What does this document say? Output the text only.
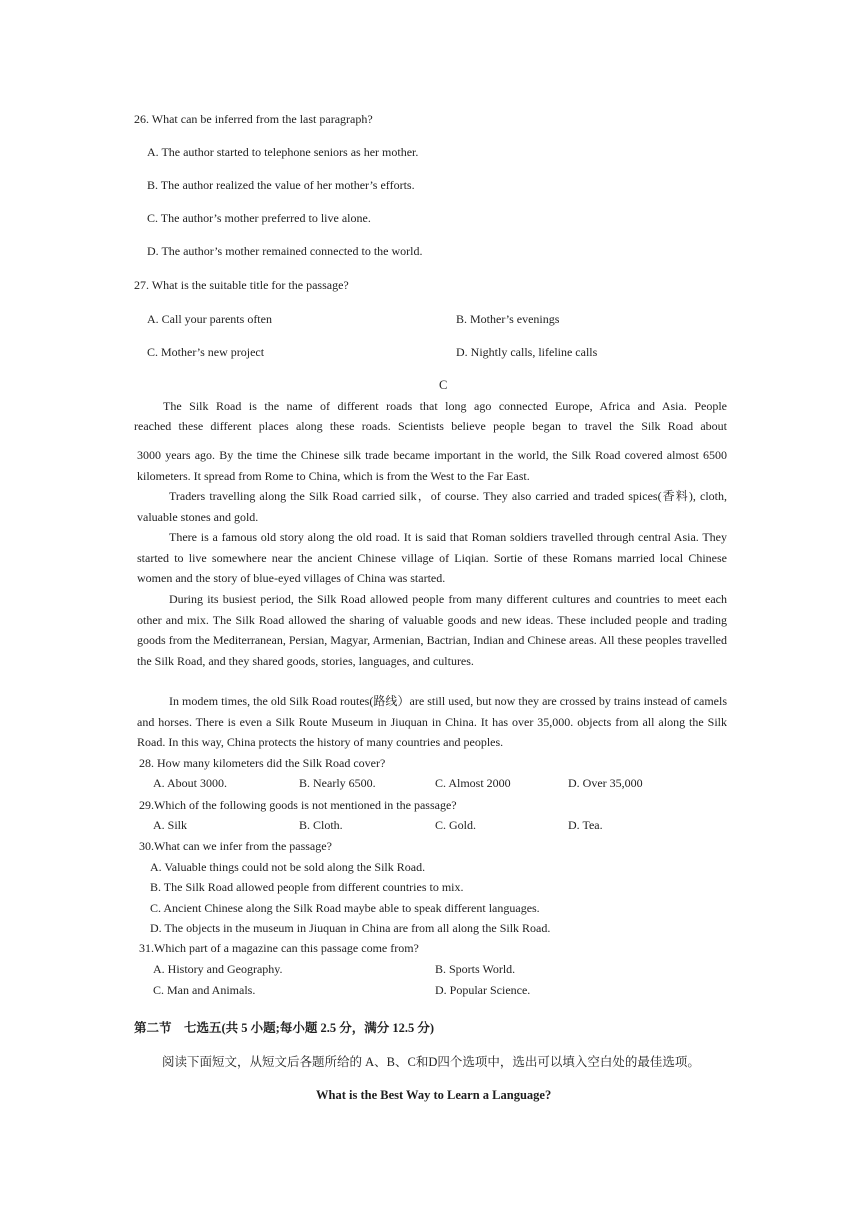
26. What can be inferred from the last paragraph?
A. The author started to telephone seniors as her mother.
B. The author realized the value of her mother’s efforts.
C. The author’s mother preferred to live alone.
D. The author’s mother remained connected to the world.
27. What is the suitable title for the passage?
A. Call your parents often	B. Mother’s evenings
C. Mother’s new project	D. Nightly calls, lifeline calls
C
The Silk Road is the name of different roads that long ago connected Europe, Africa and Asia. People
reached these different places along these roads. Scientists believe people began to travel the Silk Road about
3000 years ago. By the time the Chinese silk trade became important in the world, the Silk Road covered almost 6500 kilometers. It spread from Rome to China, which is from the West to the Far East.
Traders travelling along the Silk Road carried silk，of course. They also carried and traded spices(香料), cloth, valuable stones and gold.
There is a famous old story along the old road. It is said that Roman soldiers travelled through central Asia. They started to live somewhere near the ancient Chinese village of Liqian. Sortie of these Romans married local Chinese women and the story of blue-eyed villages of China was started.
During its busiest period, the Silk Road allowed people from many different cultures and countries to meet each other and mix. The Silk Road allowed the sharing of valuable goods and new ideas. These included people and trading goods from the Mediterranean, Persian, Magyar, Armenian, Bactrian, Indian and Chinese areas. All these peoples travelled the Silk Road, and they shared goods, stories, languages, and cultures.
In modem times, the old Silk Road routes(路线）are still used, but now they are crossed by trains instead of camels and horses. There is even a Silk Route Museum in Jiuquan in China. It has over 35,000. objects from all along the Silk Road. In this way, China protects the history of many countries and peoples.
28. How many kilometers did the Silk Road cover?
A. About 3000.	B. Nearly 6500.	C. Almost 2000	D. Over 35,000
29.Which of the following goods is not mentioned in the passage?
A. Silk	B. Cloth.	C. Gold.	D. Tea.
30.What can we infer from the passage?
A. Valuable things could not be sold along the Silk Road.
B. The Silk Road allowed people from different countries to mix.
C. Ancient Chinese along the Silk Road maybe able to speak different languages.
D. The objects in the museum in Jiuquan in China are from all along the Silk Road.
31.Which part of a magazine can this passage come from?
A. History and Geography.	B. Sports World.
C. Man and Animals.	D. Popular Science.
第二节　七选五(共 5 小题;每小题 2.5 分，满分 12.5 分)
阅读下面短文，从短文后各题所给的 A、B、C和D四个选项中，选出可以填入空白处的最佳选项。
What is the Best Way to Learn a Language?
